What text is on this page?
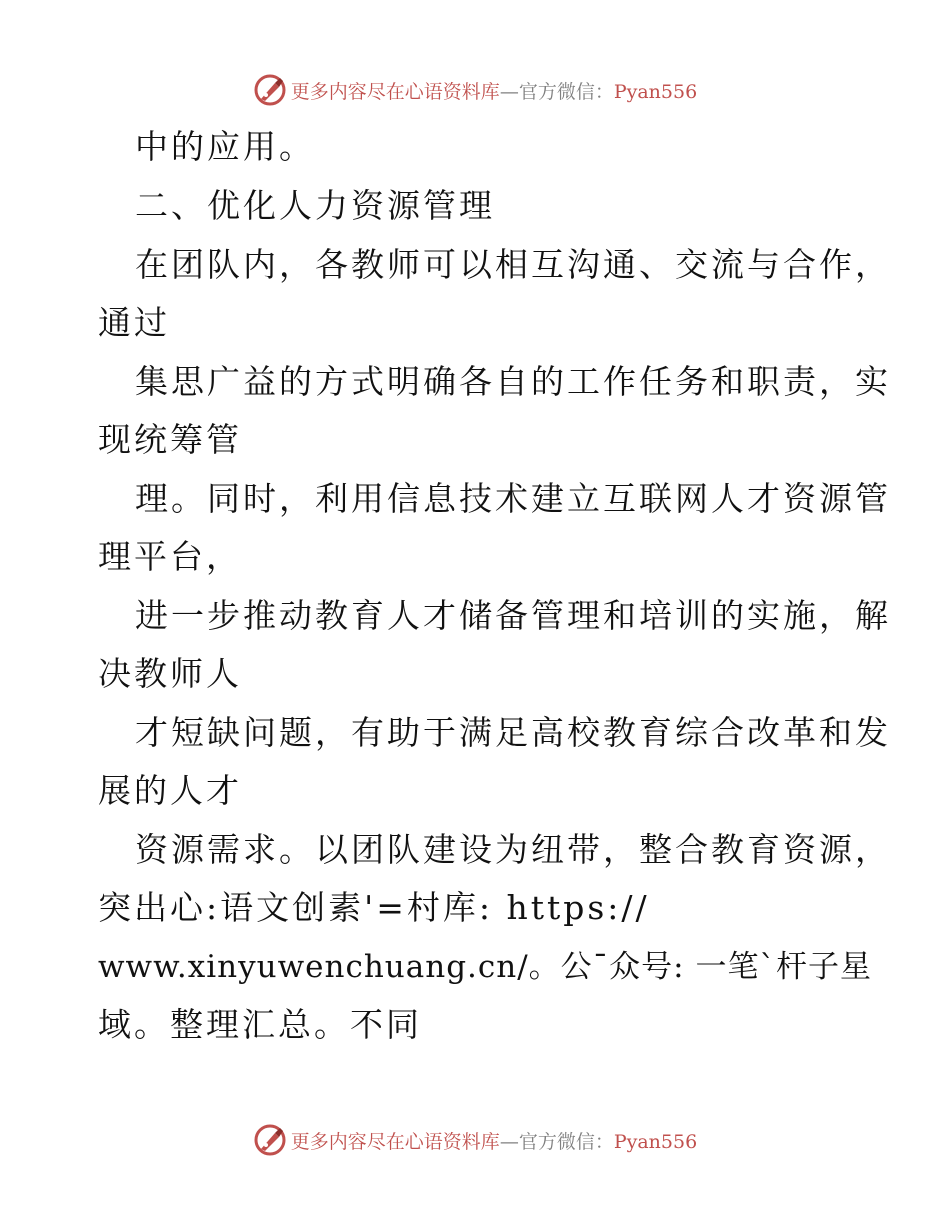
更多内容尽在心语资料库—官方微信：Pyan556
中的应用。
二、优化人力资源管理
在团队内，各教师可以相互沟通、交流与合作，
通过
集思广益的方式明确各自的工作任务和职责，实
现统筹管
理。同时，利用信息技术建立互联网人才资源管
理平台，
进一步推动教育人才储备管理和培训的实施，解
决教师人
才短缺问题，有助于满足高校教育综合改革和发
展的人才
资源需求。以团队建设为纽带，整合教育资源，
突出心:语文创素'=村库: https://
www.xinyuwenchuang.cn/。公¯众号: 一笔`杆子星
域。整理汇总。不同
更多内容尽在心语资料库—官方微信：Pyan556
